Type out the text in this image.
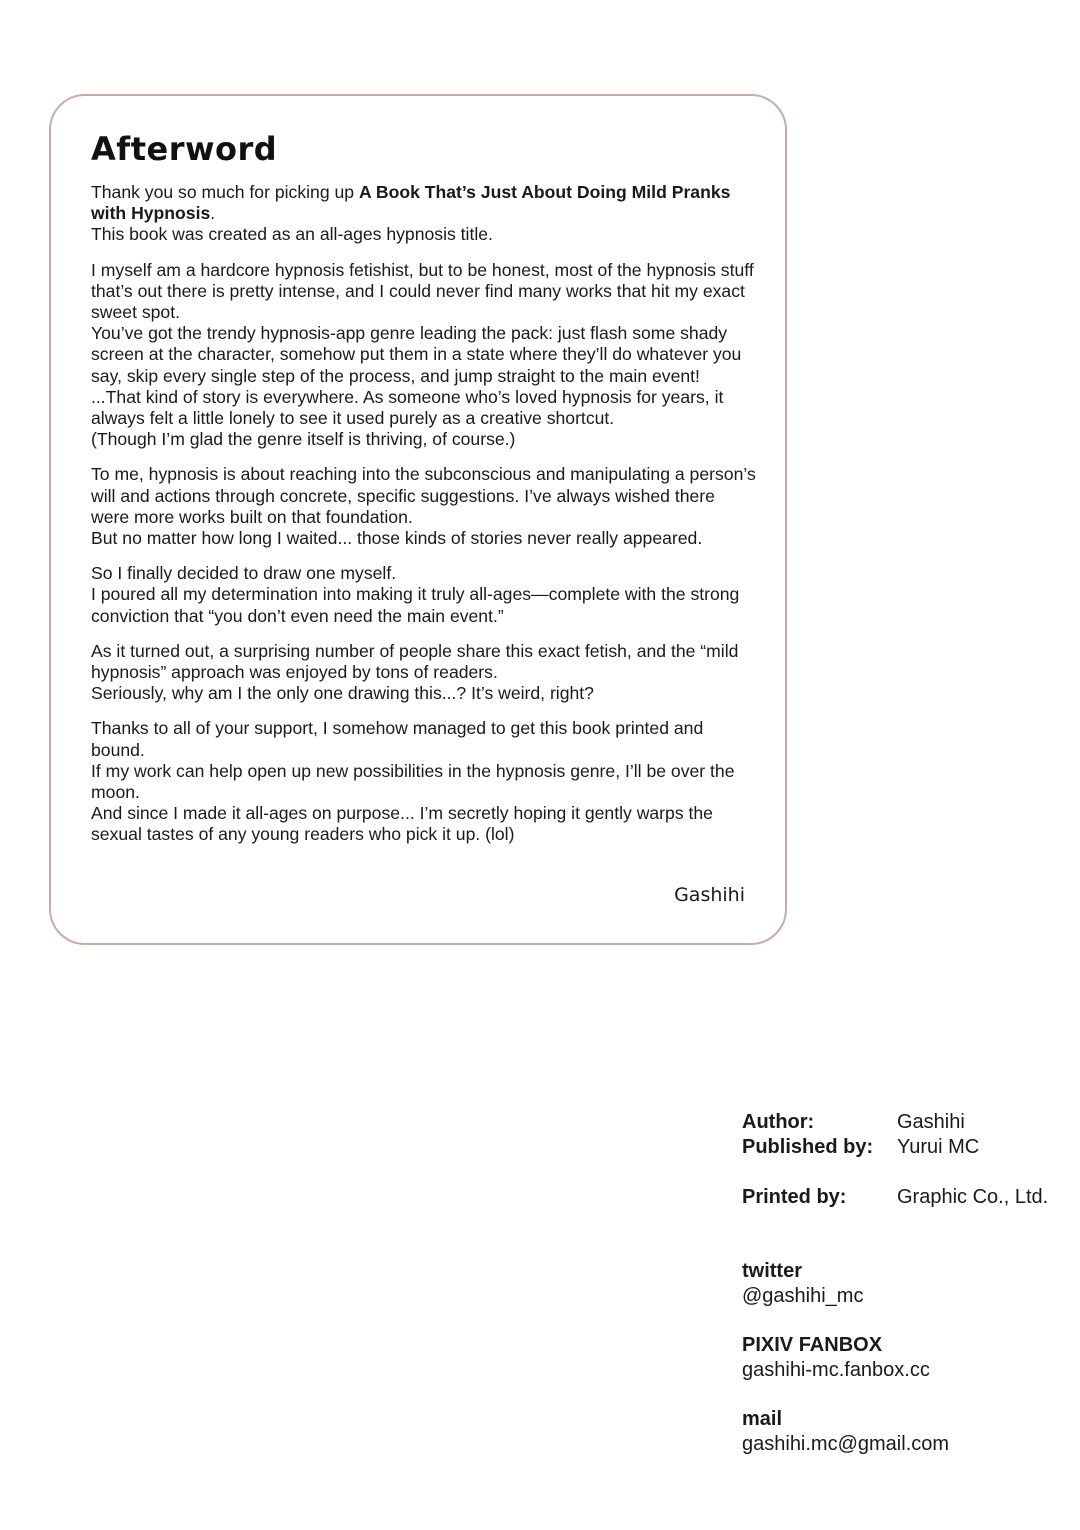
Afterword

Thank you so much for picking up A Book That’s Just About Doing Mild Pranks with Hypnosis.
This book was created as an all-ages hypnosis title.

I myself am a hardcore hypnosis fetishist, but to be honest, most of the hypnosis stuff that’s out there is pretty intense, and I could never find many works that hit my exact sweet spot.
You’ve got the trendy hypnosis-app genre leading the pack: just flash some shady screen at the character, somehow put them in a state where they’ll do whatever you say, skip every single step of the process, and jump straight to the main event!
...That kind of story is everywhere. As someone who’s loved hypnosis for years, it always felt a little lonely to see it used purely as a creative shortcut.
(Though I’m glad the genre itself is thriving, of course.)

To me, hypnosis is about reaching into the subconscious and manipulating a person’s will and actions through concrete, specific suggestions. I’ve always wished there were more works built on that foundation.
But no matter how long I waited... those kinds of stories never really appeared.

So I finally decided to draw one myself.
I poured all my determination into making it truly all-ages—complete with the strong conviction that “you don’t even need the main event.”

As it turned out, a surprising number of people share this exact fetish, and the “mild hypnosis” approach was enjoyed by tons of readers.
Seriously, why am I the only one drawing this...? It’s weird, right?

Thanks to all of your support, I somehow managed to get this book printed and bound.
If my work can help open up new possibilities in the hypnosis genre, I’ll be over the moon.
And since I made it all-ages on purpose... I’m secretly hoping it gently warps the sexual tastes of any young readers who pick it up. (lol)

Gashihi
Author:	Gashihi
Published by:	Yurui MC
Printed by:	Graphic Co., Ltd.
twitter
@gashihi_mc
PIXIV FANBOX
gashihi-mc.fanbox.cc
mail
gashihi.mc@gmail.com
